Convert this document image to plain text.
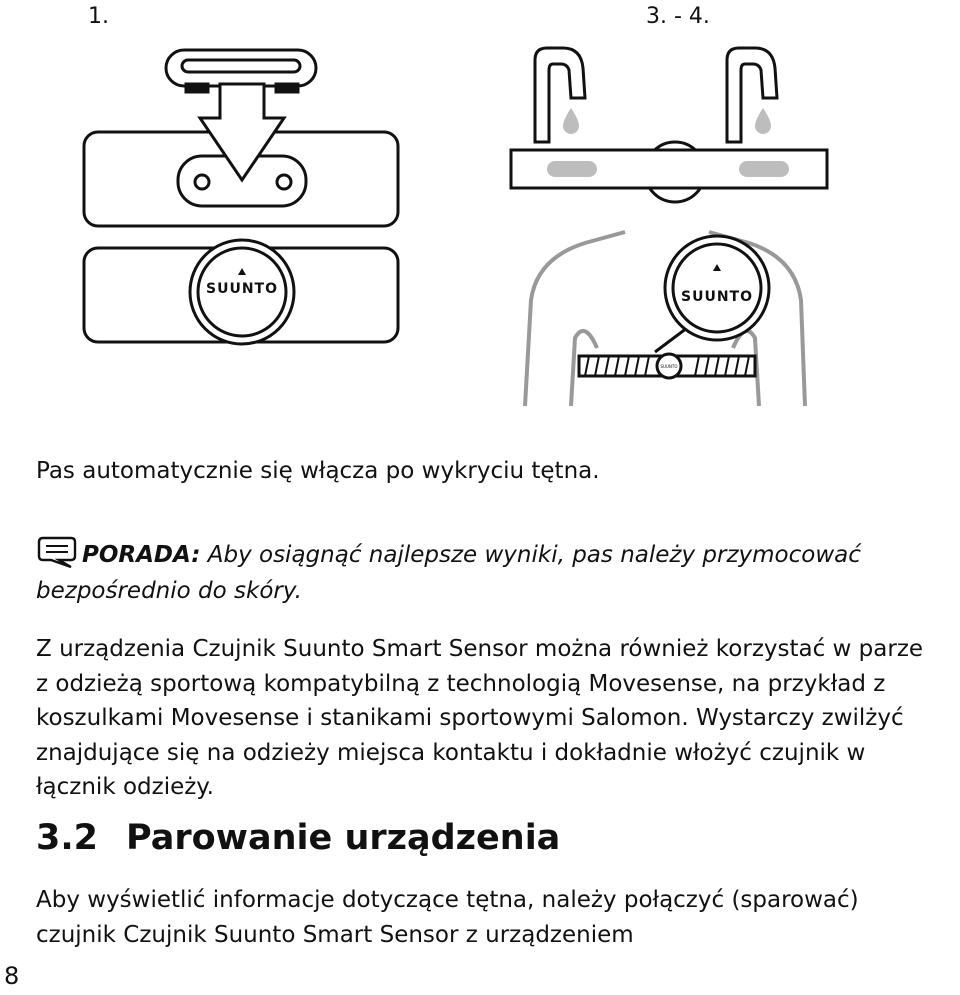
1.	3. - 4.
SUUNTO	SUUNTO
SUUNTO
Pas automatycznie się włącza po wykryciu tętna.
PORADA: Aby osiągnąć najlepsze wyniki, pas należy przymocować bezpośrednio do skóry.
Z urządzenia Czujnik Suunto Smart Sensor można również korzystać w parze z odzieżą sportową kompatybilną z technologią Movesense, na przykład z koszulkami Movesense i stanikami sportowymi Salomon. Wystarczy zwilżyć znajdujące się na odzieży miejsca kontaktu i dokładnie włożyć czujnik w łącznik odzieży.
3.2 Parowanie urządzenia
Aby wyświetlić informacje dotyczące tętna, należy połączyć (sparować) czujnik Czujnik Suunto Smart Sensor z urządzeniem
8
